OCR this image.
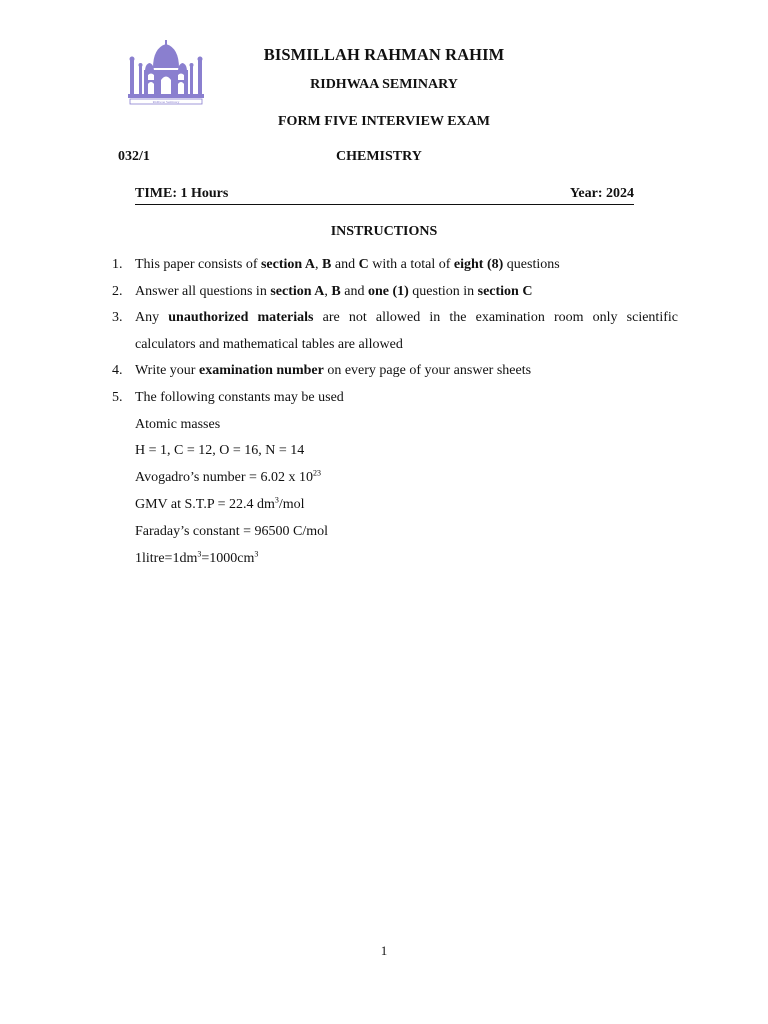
Ridhwaa Seminary
BISMILLAH RAHMAN RAHIM
RIDHWAA SEMINARY
FORM FIVE INTERVIEW EXAM
032/1	CHEMISTRY
TIME: 1 Hours	Year: 2024
INSTRUCTIONS
1. This paper consists of section A, B and C with a total of eight (8) questions
2. Answer all questions in section A, B and one (1) question in section C
3. Any unauthorized materials are not allowed in the examination room only scientific calculators and mathematical tables are allowed
4. Write your examination number on every page of your answer sheets
5. The following constants may be used
Atomic masses
H = 1, C = 12, O = 16, N = 14
Avogadro’s number = 6.02 x $10^{23}$
GMV at S.T.P = 22.4 $dm^3$/mol
Faraday’s constant = 96500 C/mol
$1litre=1dm^3=1000cm^3$
1
